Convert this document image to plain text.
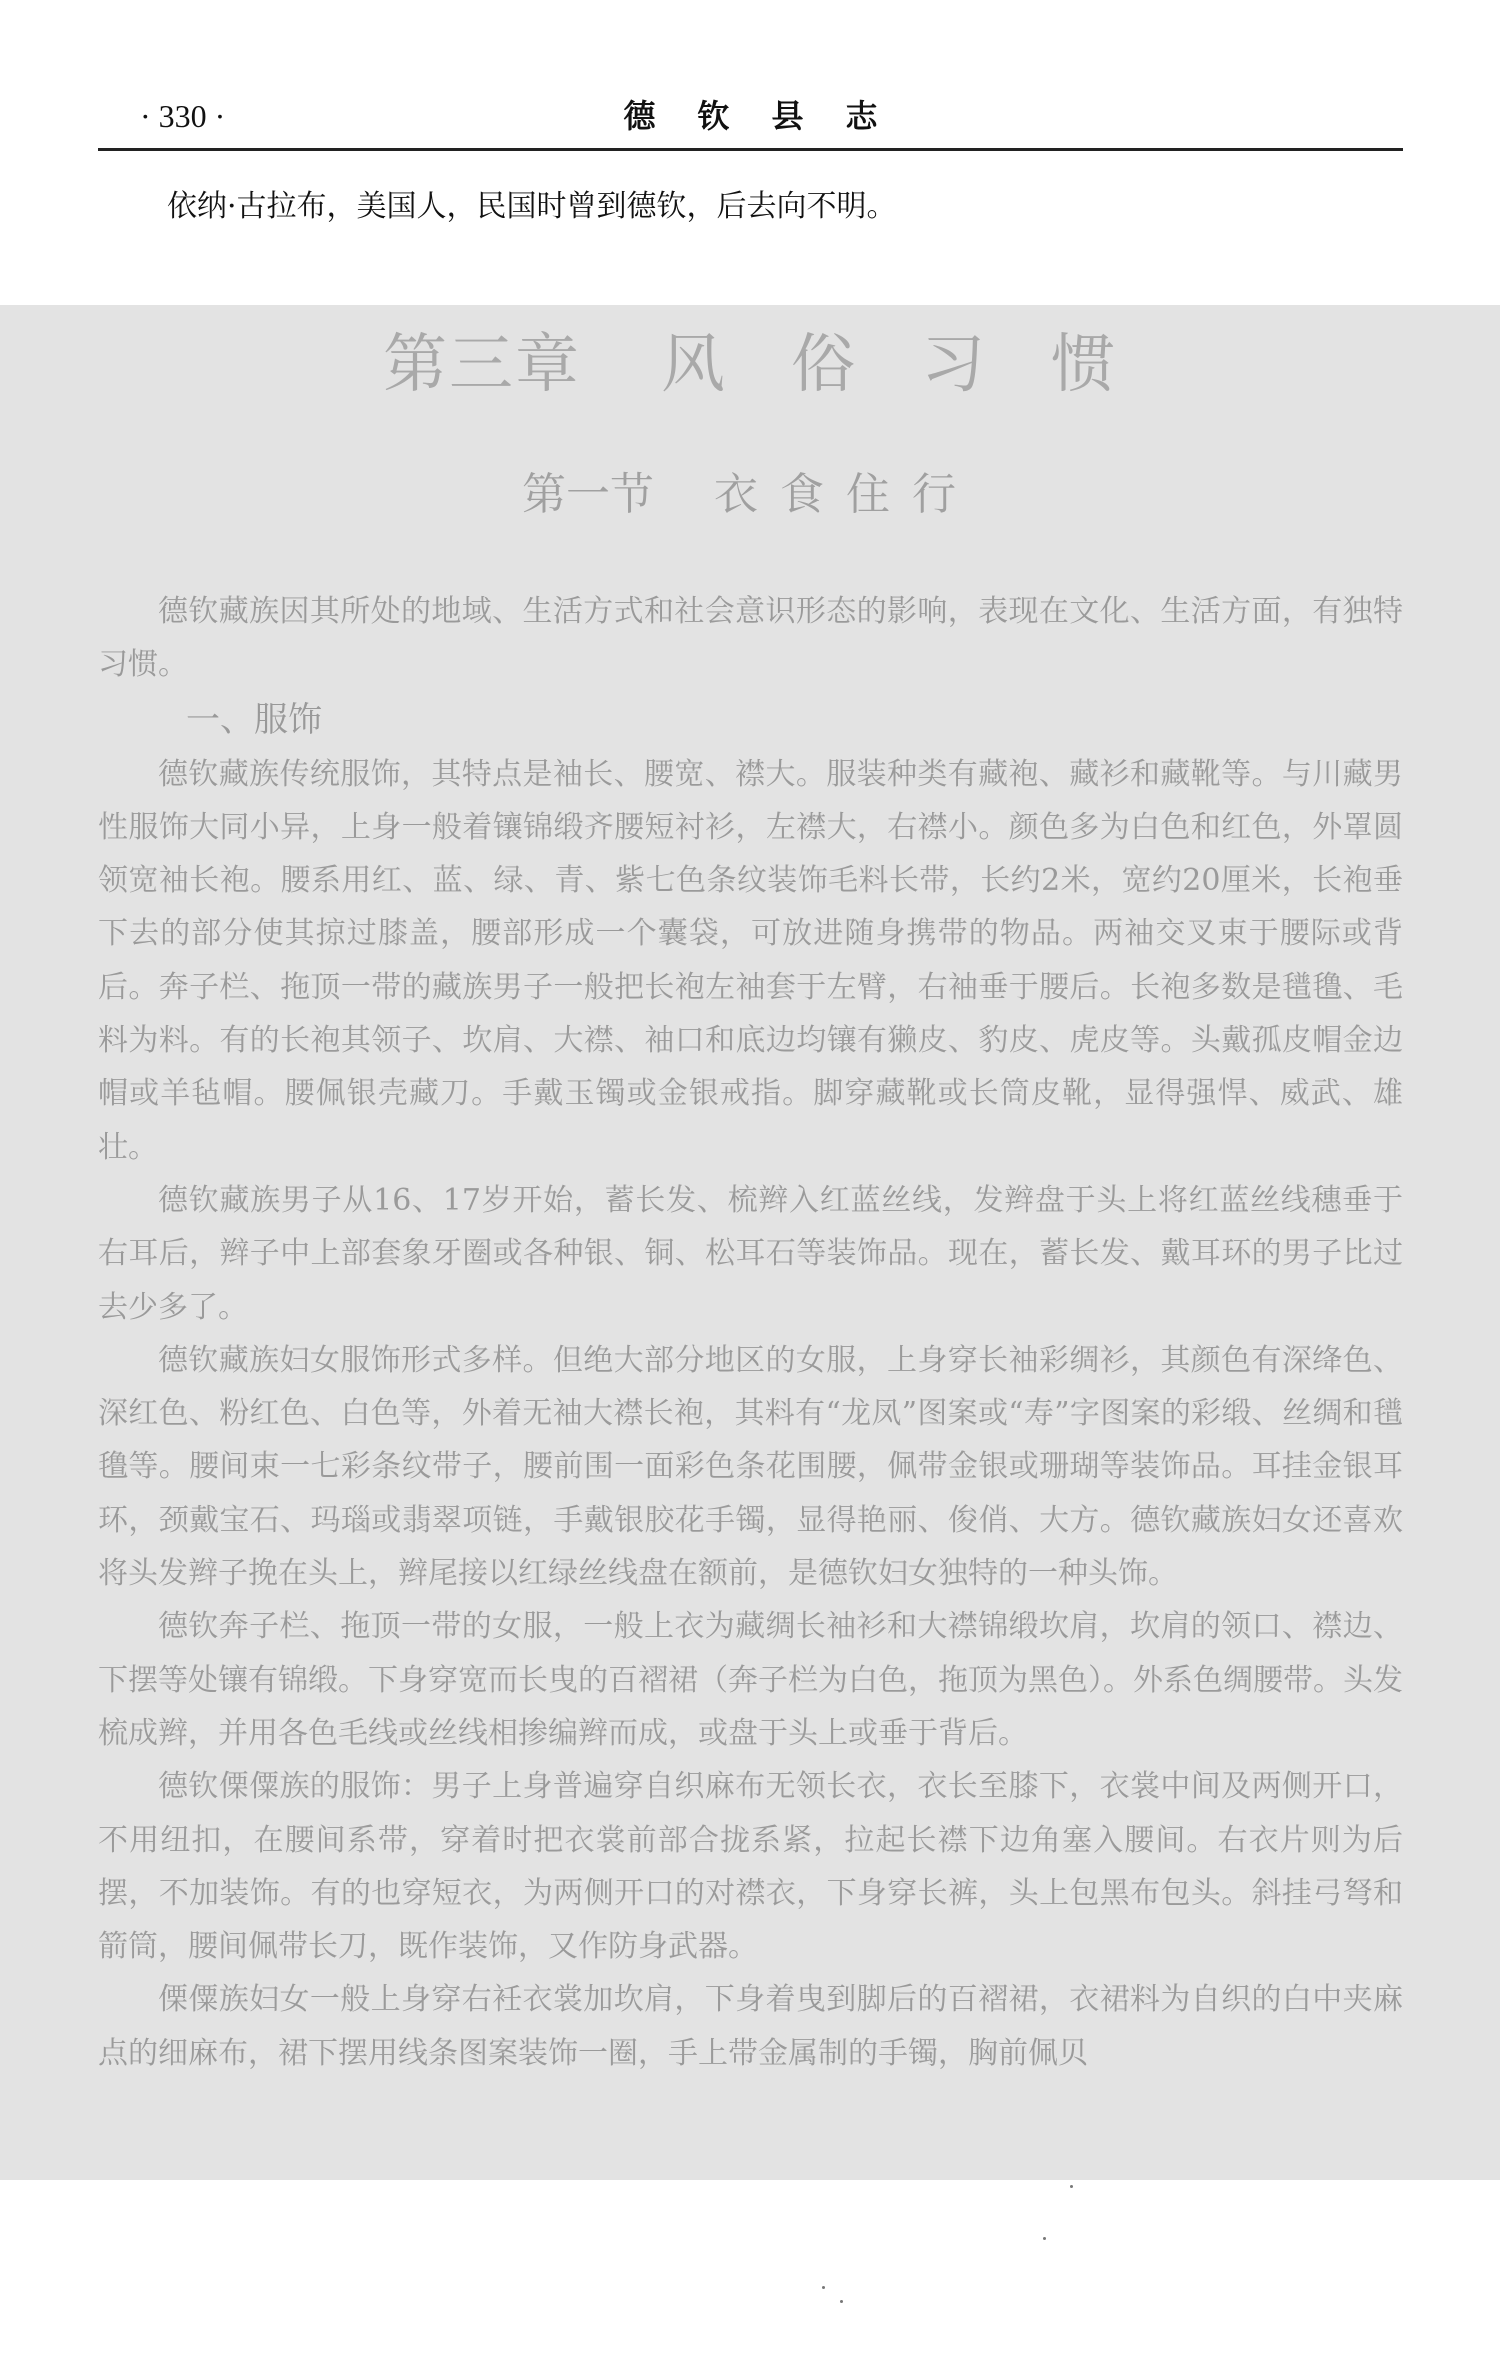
· 330 ·	德钦县志
依纳·古拉布，美国人，民国时曾到德钦，后去向不明。
第三章 风 俗 习 惯
第一节 衣食住行

德钦藏族因其所处的地域、生活方式和社会意识形态的影响，表现在文化、生活方面，有独特习惯。

一、服饰

德钦藏族传统服饰，其特点是袖长、腰宽、襟大。服装种类有藏袍、藏衫和藏靴等。与川藏男性服饰大同小异，上身一般着镶锦缎齐腰短衬衫，左襟大，右襟小。颜色多为白色和红色，外罩圆领宽袖长袍。腰系用红、蓝、绿、青、紫七色条纹装饰毛料长带，长约2米，宽约20厘米，长袍垂下去的部分使其掠过膝盖，腰部形成一个囊袋，可放进随身携带的物品。两袖交叉束于腰际或背后。奔子栏、拖顶一带的藏族男子一般把长袍左袖套于左臂，右袖垂于腰后。长袍多数是氆氇、毛料为料。有的长袍其领子、坎肩、大襟、袖口和底边均镶有獭皮、豹皮、虎皮等。头戴孤皮帽金边帽或羊毡帽。腰佩银壳藏刀。手戴玉镯或金银戒指。脚穿藏靴或长筒皮靴，显得强悍、威武、雄壮。

德钦藏族男子从16、17岁开始，蓄长发、梳辫入红蓝丝线，发辫盘于头上将红蓝丝线穗垂于右耳后，辫子中上部套象牙圈或各种银、铜、松耳石等装饰品。现在，蓄长发、戴耳环的男子比过去少多了。

德钦藏族妇女服饰形式多样。但绝大部分地区的女服，上身穿长袖彩绸衫，其颜色有深绛色、深红色、粉红色、白色等，外着无袖大襟长袍，其料有“龙凤”图案或“寿”字图案的彩缎、丝绸和氆氇等。腰间束一七彩条纹带子，腰前围一面彩色条花围腰，佩带金银或珊瑚等装饰品。耳挂金银耳环，颈戴宝石、玛瑙或翡翠项链，手戴银胶花手镯，显得艳丽、俊俏、大方。德钦藏族妇女还喜欢将头发辫子挽在头上，辫尾接以红绿丝线盘在额前，是德钦妇女独特的一种头饰。

德钦奔子栏、拖顶一带的女服，一般上衣为藏绸长袖衫和大襟锦缎坎肩，坎肩的领口、襟边、下摆等处镶有锦缎。下身穿宽而长曳的百褶裙（奔子栏为白色，拖顶为黑色）。外系色绸腰带。头发梳成辫，并用各色毛线或丝线相掺编辫而成，或盘于头上或垂于背后。

德钦傈僳族的服饰：男子上身普遍穿自织麻布无领长衣，衣长至膝下，衣裳中间及两侧开口，不用纽扣，在腰间系带，穿着时把衣裳前部合拢系紧，拉起长襟下边角塞入腰间。右衣片则为后摆，不加装饰。有的也穿短衣，为两侧开口的对襟衣，下身穿长裤，头上包黑布包头。斜挂弓弩和箭筒，腰间佩带长刀，既作装饰，又作防身武器。

傈僳族妇女一般上身穿右衽衣裳加坎肩，下身着曳到脚后的百褶裙，衣裙料为自织的白中夹麻点的细麻布，裙下摆用线条图案装饰一圈，手上带金属制的手镯，胸前佩贝
